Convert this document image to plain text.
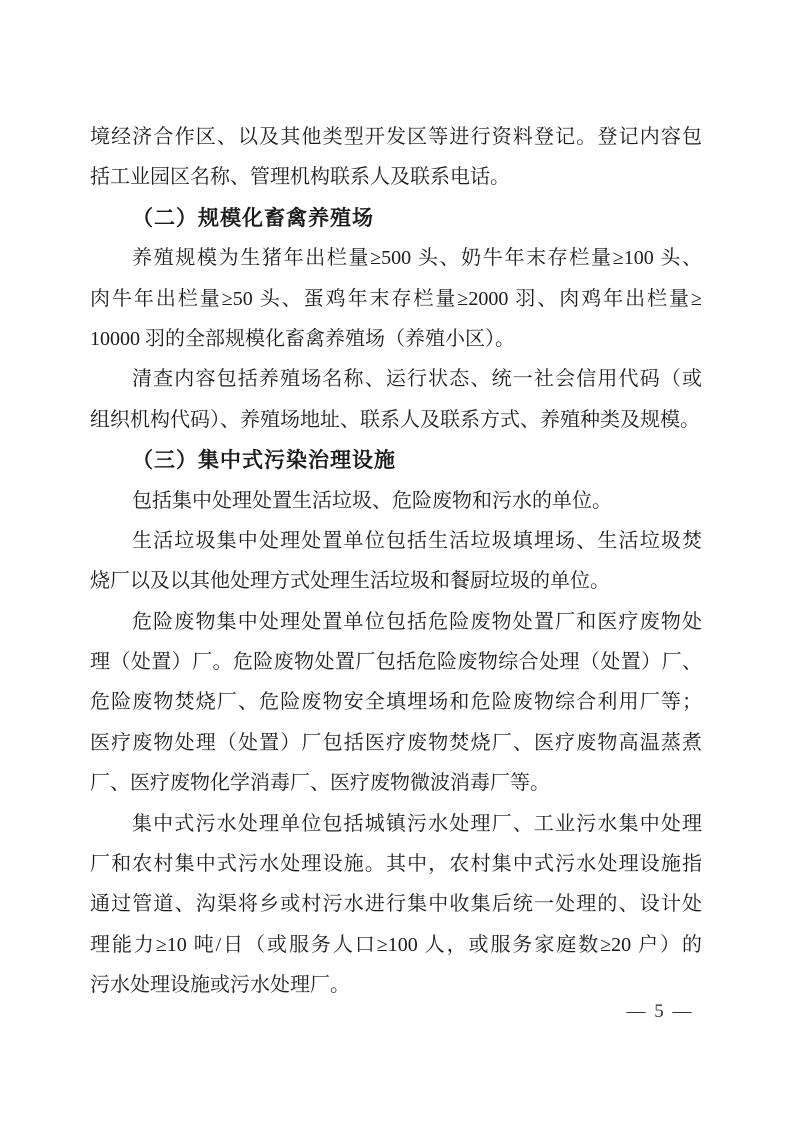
境经济合作区、以及其他类型开发区等进行资料登记。登记内容包
括工业园区名称、管理机构联系人及联系电话。
（二）规模化畜禽养殖场
养殖规模为生猪年出栏量≥500 头、奶牛年末存栏量≥100 头、
肉牛年出栏量≥50 头、蛋鸡年末存栏量≥2000 羽、肉鸡年出栏量≥
10000 羽的全部规模化畜禽养殖场（养殖小区）。
清查内容包括养殖场名称、运行状态、统一社会信用代码（或
组织机构代码）、养殖场地址、联系人及联系方式、养殖种类及规模。
（三）集中式污染治理设施
包括集中处理处置生活垃圾、危险废物和污水的单位。
生活垃圾集中处理处置单位包括生活垃圾填埋场、生活垃圾焚
烧厂以及以其他处理方式处理生活垃圾和餐厨垃圾的单位。
危险废物集中处理处置单位包括危险废物处置厂和医疗废物处
理（处置）厂。危险废物处置厂包括危险废物综合处理（处置）厂、
危险废物焚烧厂、危险废物安全填埋场和危险废物综合利用厂等；
医疗废物处理（处置）厂包括医疗废物焚烧厂、医疗废物高温蒸煮
厂、医疗废物化学消毒厂、医疗废物微波消毒厂等。
集中式污水处理单位包括城镇污水处理厂、工业污水集中处理
厂和农村集中式污水处理设施。其中，农村集中式污水处理设施指
通过管道、沟渠将乡或村污水进行集中收集后统一处理的、设计处
理能力≥10 吨/日（或服务人口≥100 人，或服务家庭数≥20 户）的
污水处理设施或污水处理厂。
— 5 —
